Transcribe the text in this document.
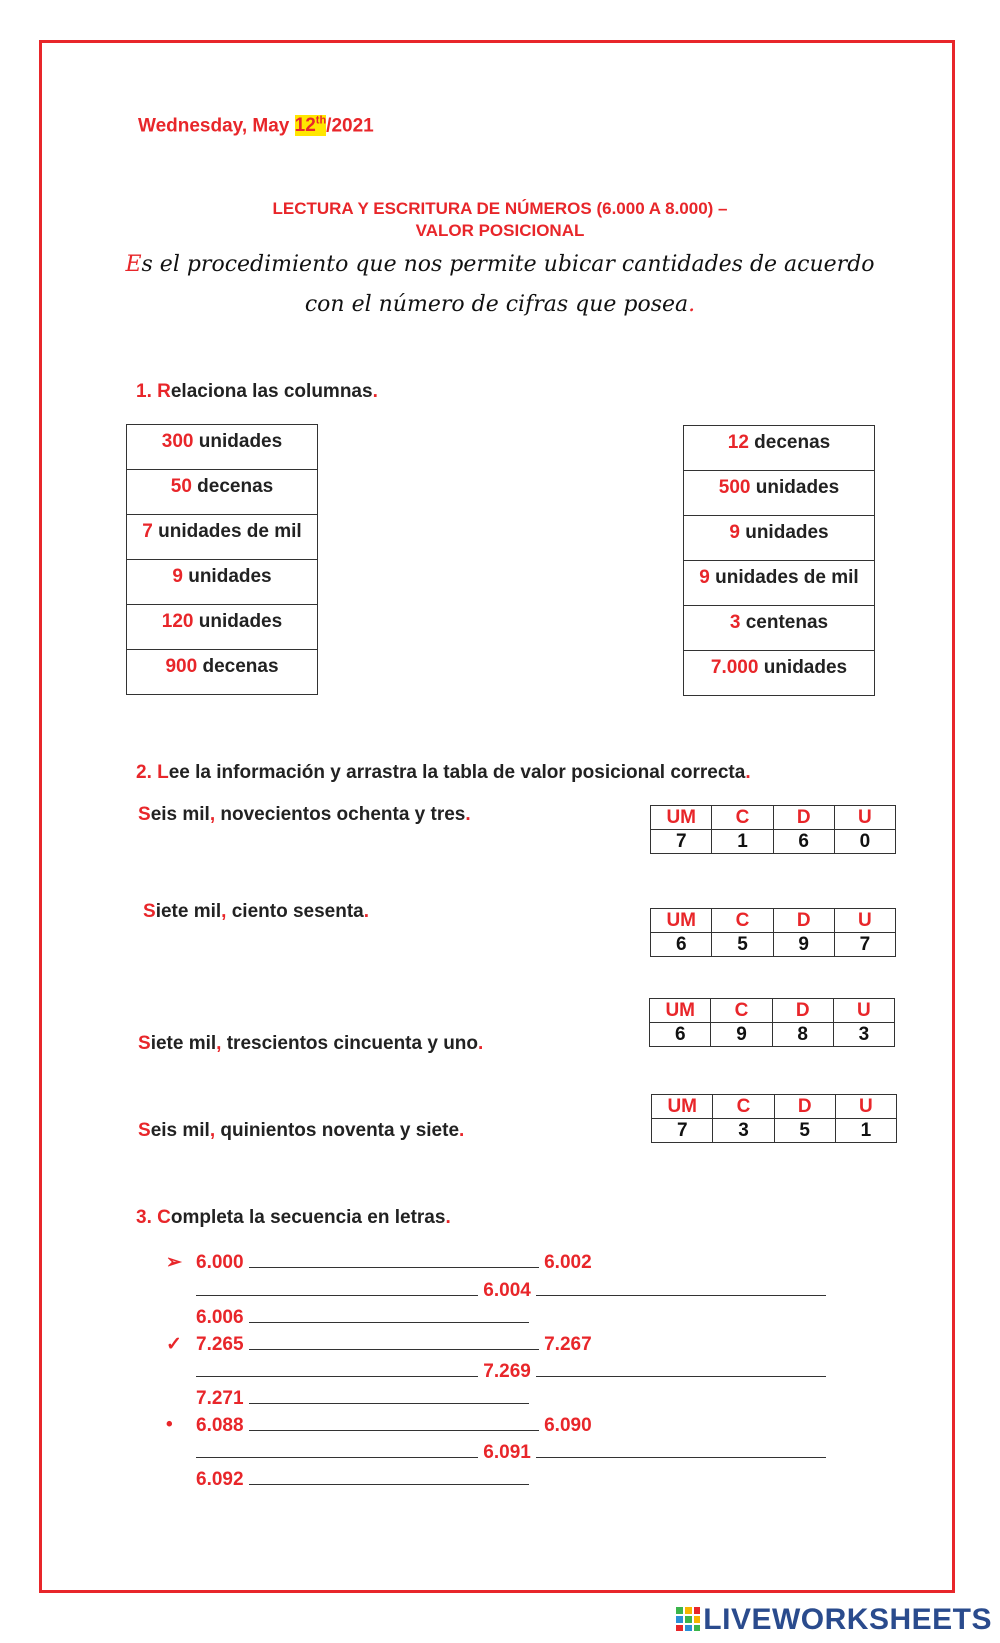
Wednesday, May 12th/2021
LECTURA Y ESCRITURA DE NÚMEROS (6.000 A 8.000) –
VALOR POSICIONAL
Es el procedimiento que nos permite ubicar cantidades de acuerdo
con el número de cifras que posea.
1. Relaciona las columnas.
300 unidades
50 decenas
7 unidades de mil
9 unidades
120 unidades
900 decenas
12 decenas
500 unidades
9 unidades
9 unidades de mil
3 centenas
7.000 unidades
2. Lee la información y arrastra la tabla de valor posicional correcta.
Seis mil, novecientos ochenta y tres.
Siete mil, ciento sesenta.
Siete mil, trescientos cincuenta y uno.
Seis mil, quinientos noventa y siete.
UM	C	D	U
7	1	6	0
UM	C	D	U
6	5	9	7
UM	C	D	U
6	9	8	3
UM	C	D	U
7	3	5	1
3. Completa la secuencia en letras.
➢ 6.000	6.002
6.004
6.006
✓ 7.265	7.267
7.269
7.271
• 6.088	6.090
6.091
6.092
LIVEWORKSHEETS
